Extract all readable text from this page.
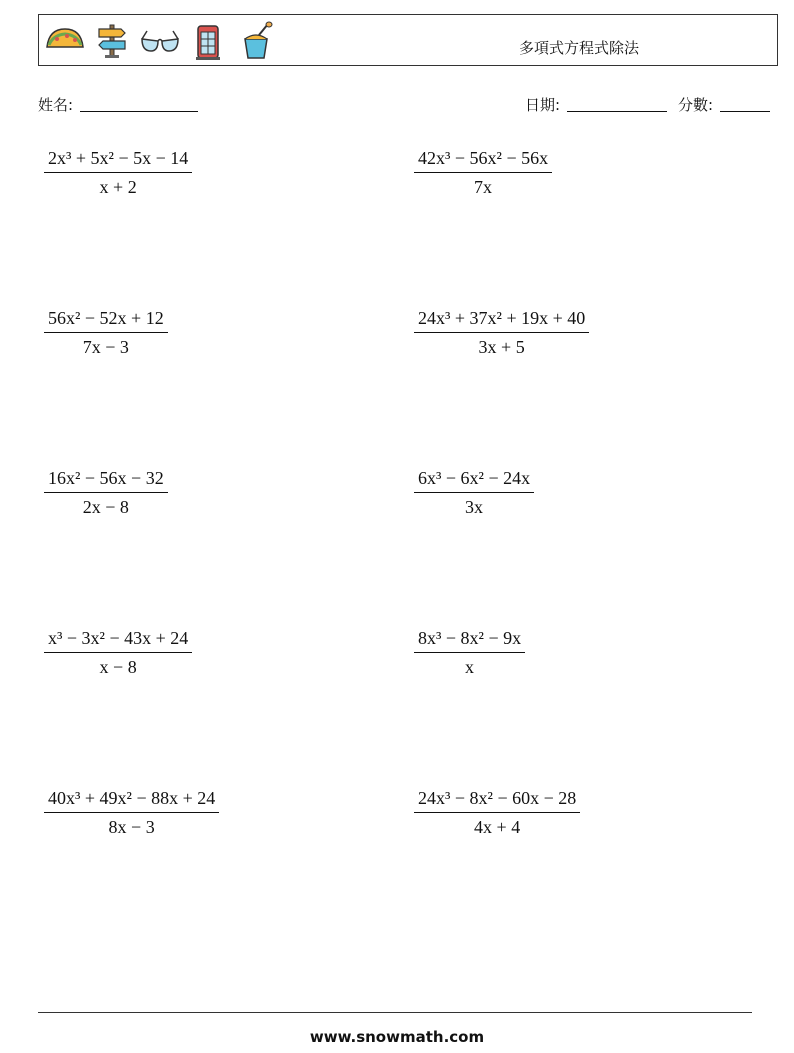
多項式方程式除法
姓名:	日期:	分數:
$\frac{\text{2x³ + 5x² − 5x − 14}}{x + 2}$	$\frac{\text{42x³ − 56x² − 56x}}{7x}$
$\frac{\text{56x² − 52x + 12}}{7x - 3}$	$\frac{\text{24x³ + 37x² + 19x + 40}}{3x + 5}$
$\frac{\text{16x² − 56x − 32}}{2x - 8}$	$\frac{\text{6x³ − 6x² − 24x}}{3x}$
$\frac{\text{x³ − 3x² − 43x + 24}}{x - 8}$	$\frac{\text{8x³ − 8x² − 9x}}{x}$
$\frac{\text{40x³ + 49x² − 88x + 24}}{8x - 3}$	$\frac{\text{24x³ − 8x² − 60x − 28}}{4x + 4}$
www.snowmath.com
